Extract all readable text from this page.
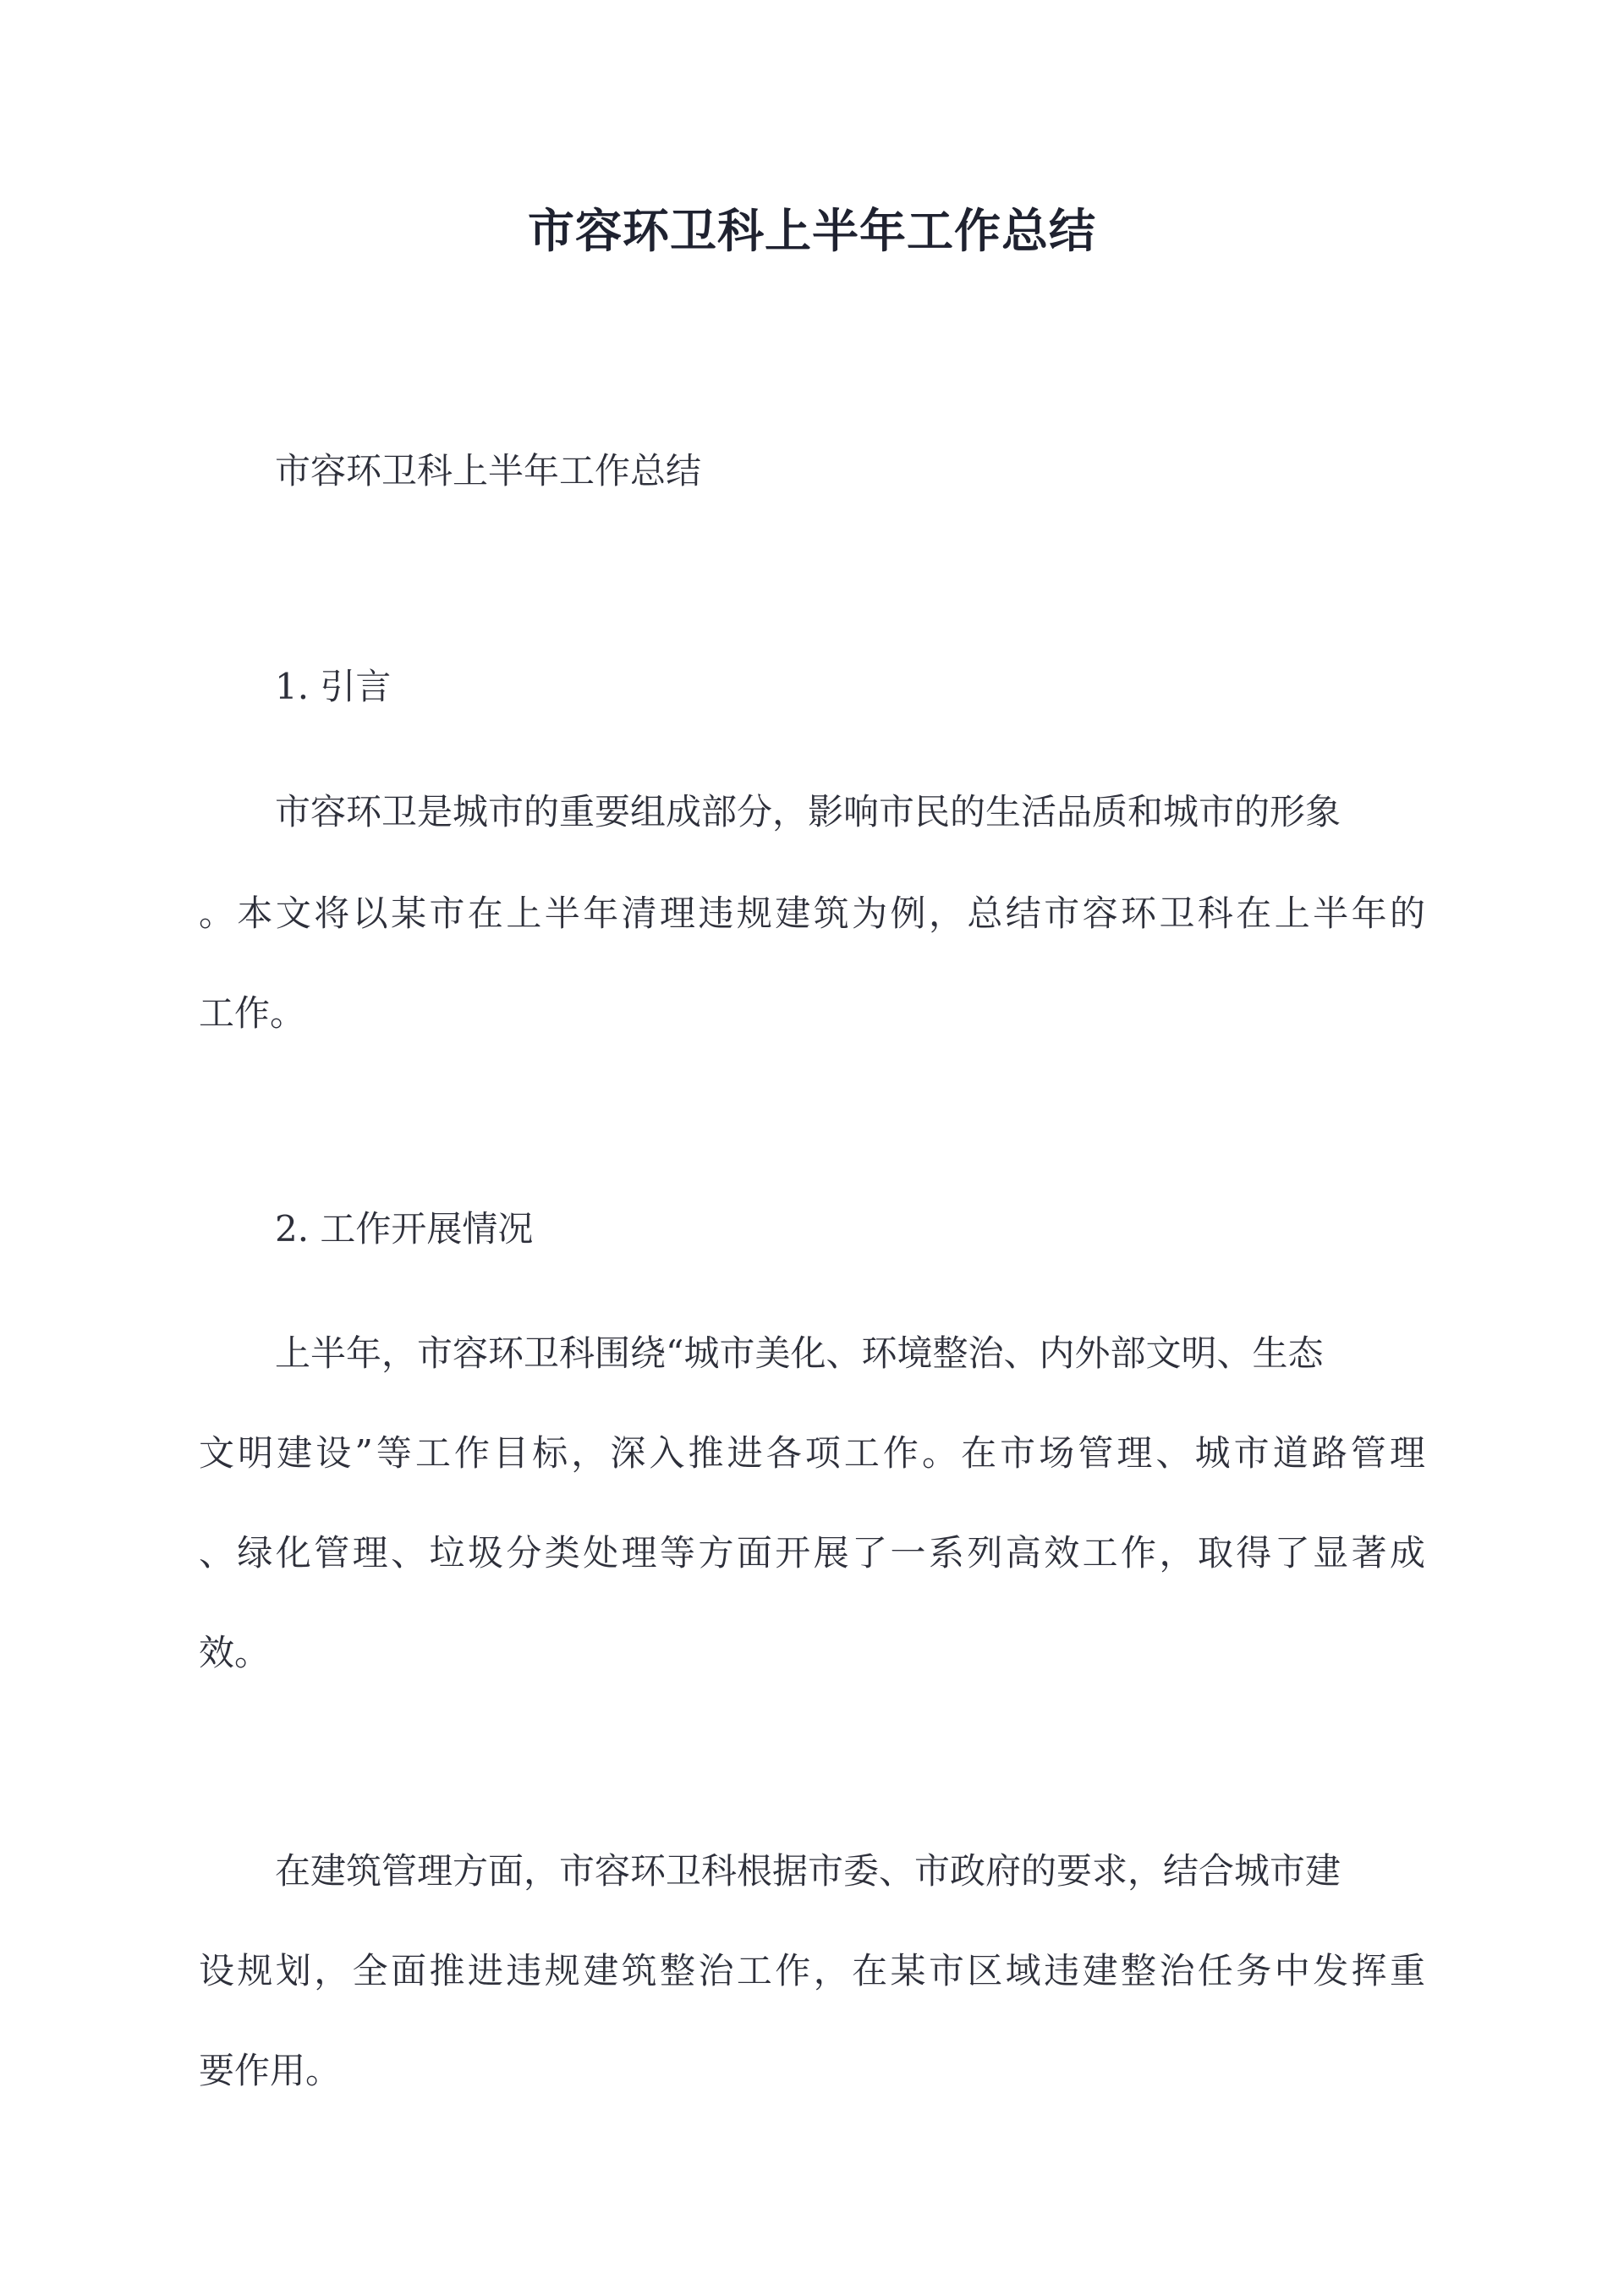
市容环卫科上半年工作总结

市容环卫科上半年工作总结

1. 引言

市容环卫是城市的重要组成部分，影响市民的生活品质和城市的形象

。本文将以某市在上半年清理违规建筑为例，总结市容环卫科在上半年的

工作。

2. 工作开展情况

上半年，市容环卫科围绕“城市美化、环境整治、内外部文明、生态

文明建设”等工作目标，深入推进各项工作。在市场管理、城市道路管理

、绿化管理、垃圾分类处理等方面开展了一系列高效工作，取得了显著成

效。

在建筑管理方面，市容环卫科根据市委、市政府的要求，结合城市建

设规划，全面推进违规建筑整治工作，在某市区域违建整治任务中发挥重

要作用。
